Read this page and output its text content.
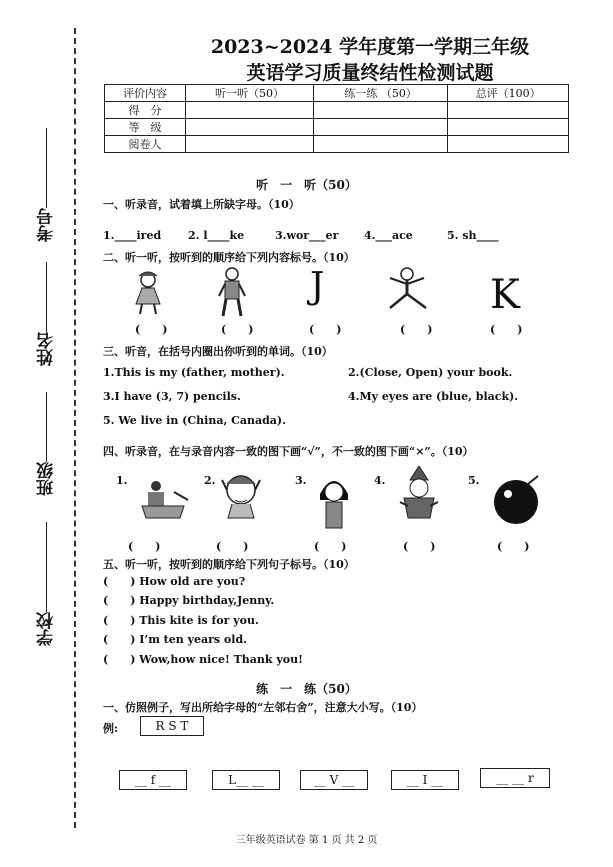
考号
姓名
班级
学校
2023~2024 学年度第一学期三年级
英语学习质量终结性检测试题
评价内容	听一听（50）	练一练 （50）	总评（100）
得　分			
等　级			
阅卷人			
听　一　听（50）
一、听录音，试着填上所缺字母。（10）
1.____ired 2. l____ke	3.wor___er 4.___ace	5. sh____
二、听一听，按听到的顺序给下列内容标号。（10）
J	K
(　　)	(　　)	(　　)	(　　)	(　　)
三、听音，在括号内圈出你听到的单词。（10）
1.This is my (father, mother).	2.(Close, Open) your book.
3.I have (3, 7) pencils.	4.My eyes are (blue, black).
5. We live in (China, Canada).
四、听录音，在与录音内容一致的图下画“√”，不一致的图下画“×”。（10）
1.	2.	3.	4.	5.
(　　)	(　　)	(　　)	(　　)	(　　)
五、听一听，按听到的顺序给下列句子标号。（10）
(　　) How old are you?
(　　) Happy birthday,Jenny.
(　　) This kite is for you.
(　　) I’m ten years old.
(　　) Wow,how nice! Thank you!
练　一　练（50）
一、仿照例子，写出所给字母的“左邻右舍”，注意大小写。（10）
例:	R S T
__ f __	L__ __	__ V __	__ I __	__ __ r
三年级英语试卷 第 1 页 共 2 页
